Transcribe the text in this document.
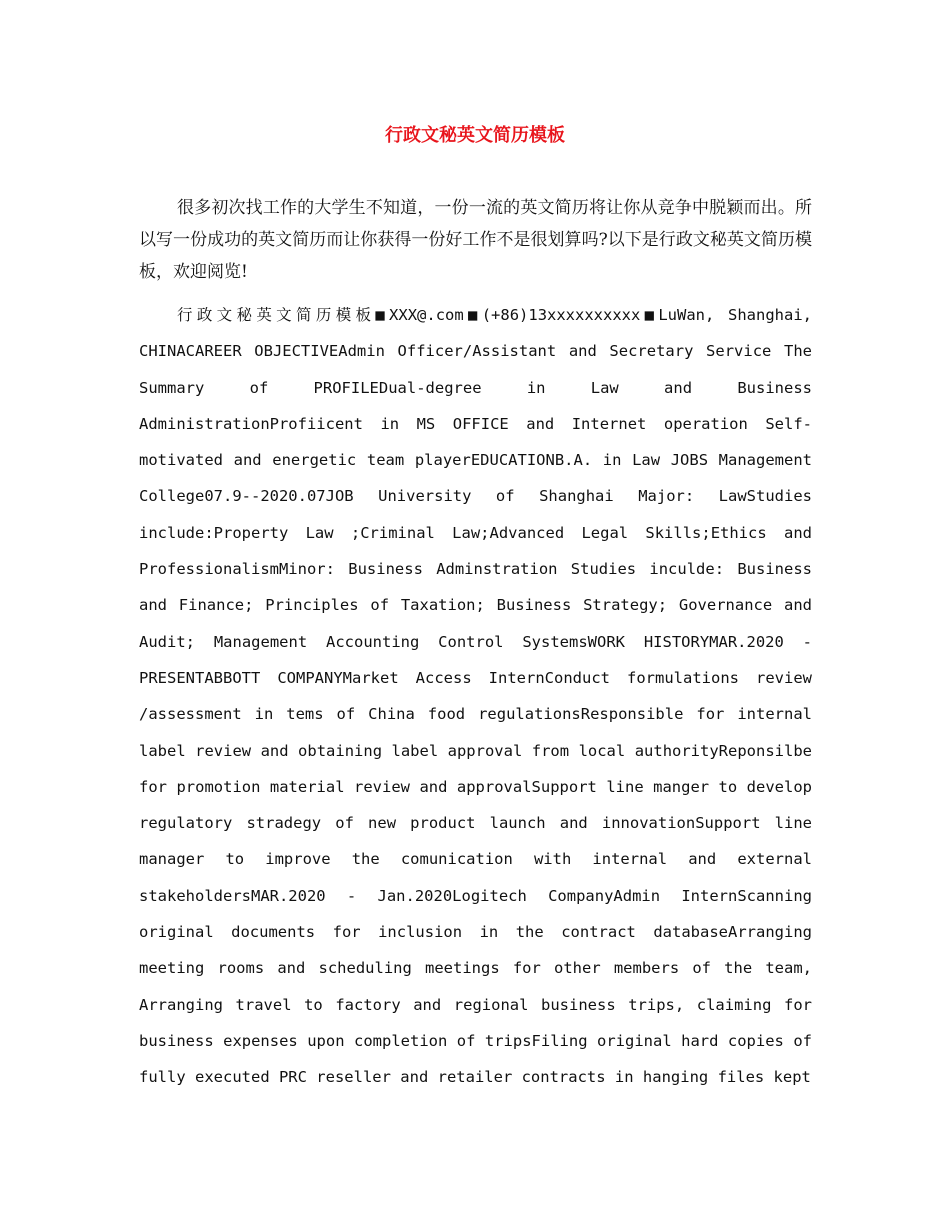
行政文秘英文简历模板

很多初次找工作的大学生不知道，一份一流的英文简历将让你从竞争中脱颖而出。所以写一份成功的英文简历而让你获得一份好工作不是很划算吗?以下是行政文秘英文简历模板，欢迎阅览!

行政文秘英文简历模板■XXX@.com■(+86)13xxxxxxxxxx■LuWan, Shanghai, CHINACAREER OBJECTIVEAdmin Officer/Assistant and Secretary Service The Summary of PROFILEDual-degree in Law and Business AdministrationProfiicent in MS OFFICE and Internet operation Self-motivated and energetic team playerEDUCATIONB.A. in Law JOBS Management College07.9--2020.07JOB University of Shanghai Major: LawStudies include:Property Law ;Criminal Law;Advanced Legal Skills;Ethics and ProfessionalismMinor: Business Adminstration Studies inculde: Business and Finance; Principles of Taxation; Business Strategy; Governance and Audit; Management Accounting Control SystemsWORK HISTORYMAR.2020 - PRESENTABBOTT COMPANYMarket Access InternConduct formulations review /assessment in tems of China food regulationsResponsible for internal label review and obtaining label approval from local authorityReponsilbe for promotion material review and approvalSupport line manger to develop regulatory stradegy of new product launch and innovationSupport line manager to improve the comunication with internal and external stakeholdersMAR.2020 - Jan.2020Logitech CompanyAdmin InternScanning original documents for inclusion in the contract databaseArranging meeting rooms and scheduling meetings for other members of the team, Arranging travel to factory and regional business trips, claiming for business expenses upon completion of tripsFiling original hard copies of fully executed PRC reseller and retailer contracts in hanging files kept
